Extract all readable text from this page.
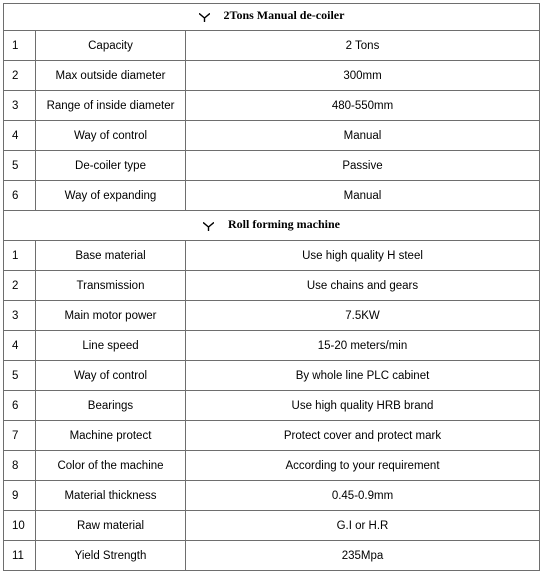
2Tons Manual de-coiler		

1	Capacity	2 Tons
2	Max outside diameter	300mm
3	Range of inside diameter	480-550mm
4	Way of control	Manual
5	De-coiler type	Passive
6	Way of expanding	Manual

Roll forming machine		

1	Base material	Use high quality H steel
2	Transmission	Use chains and gears
3	Main motor power	7.5KW
4	Line speed	15-20 meters/min
5	Way of control	By whole line PLC cabinet
6	Bearings	Use high quality HRB brand
7	Machine protect	Protect cover and protect mark
8	Color of the machine	According to your requirement
9	Material thickness	0.45-0.9mm
10	Raw material	G.I or H.R
11	Yield Strength	235Mpa
